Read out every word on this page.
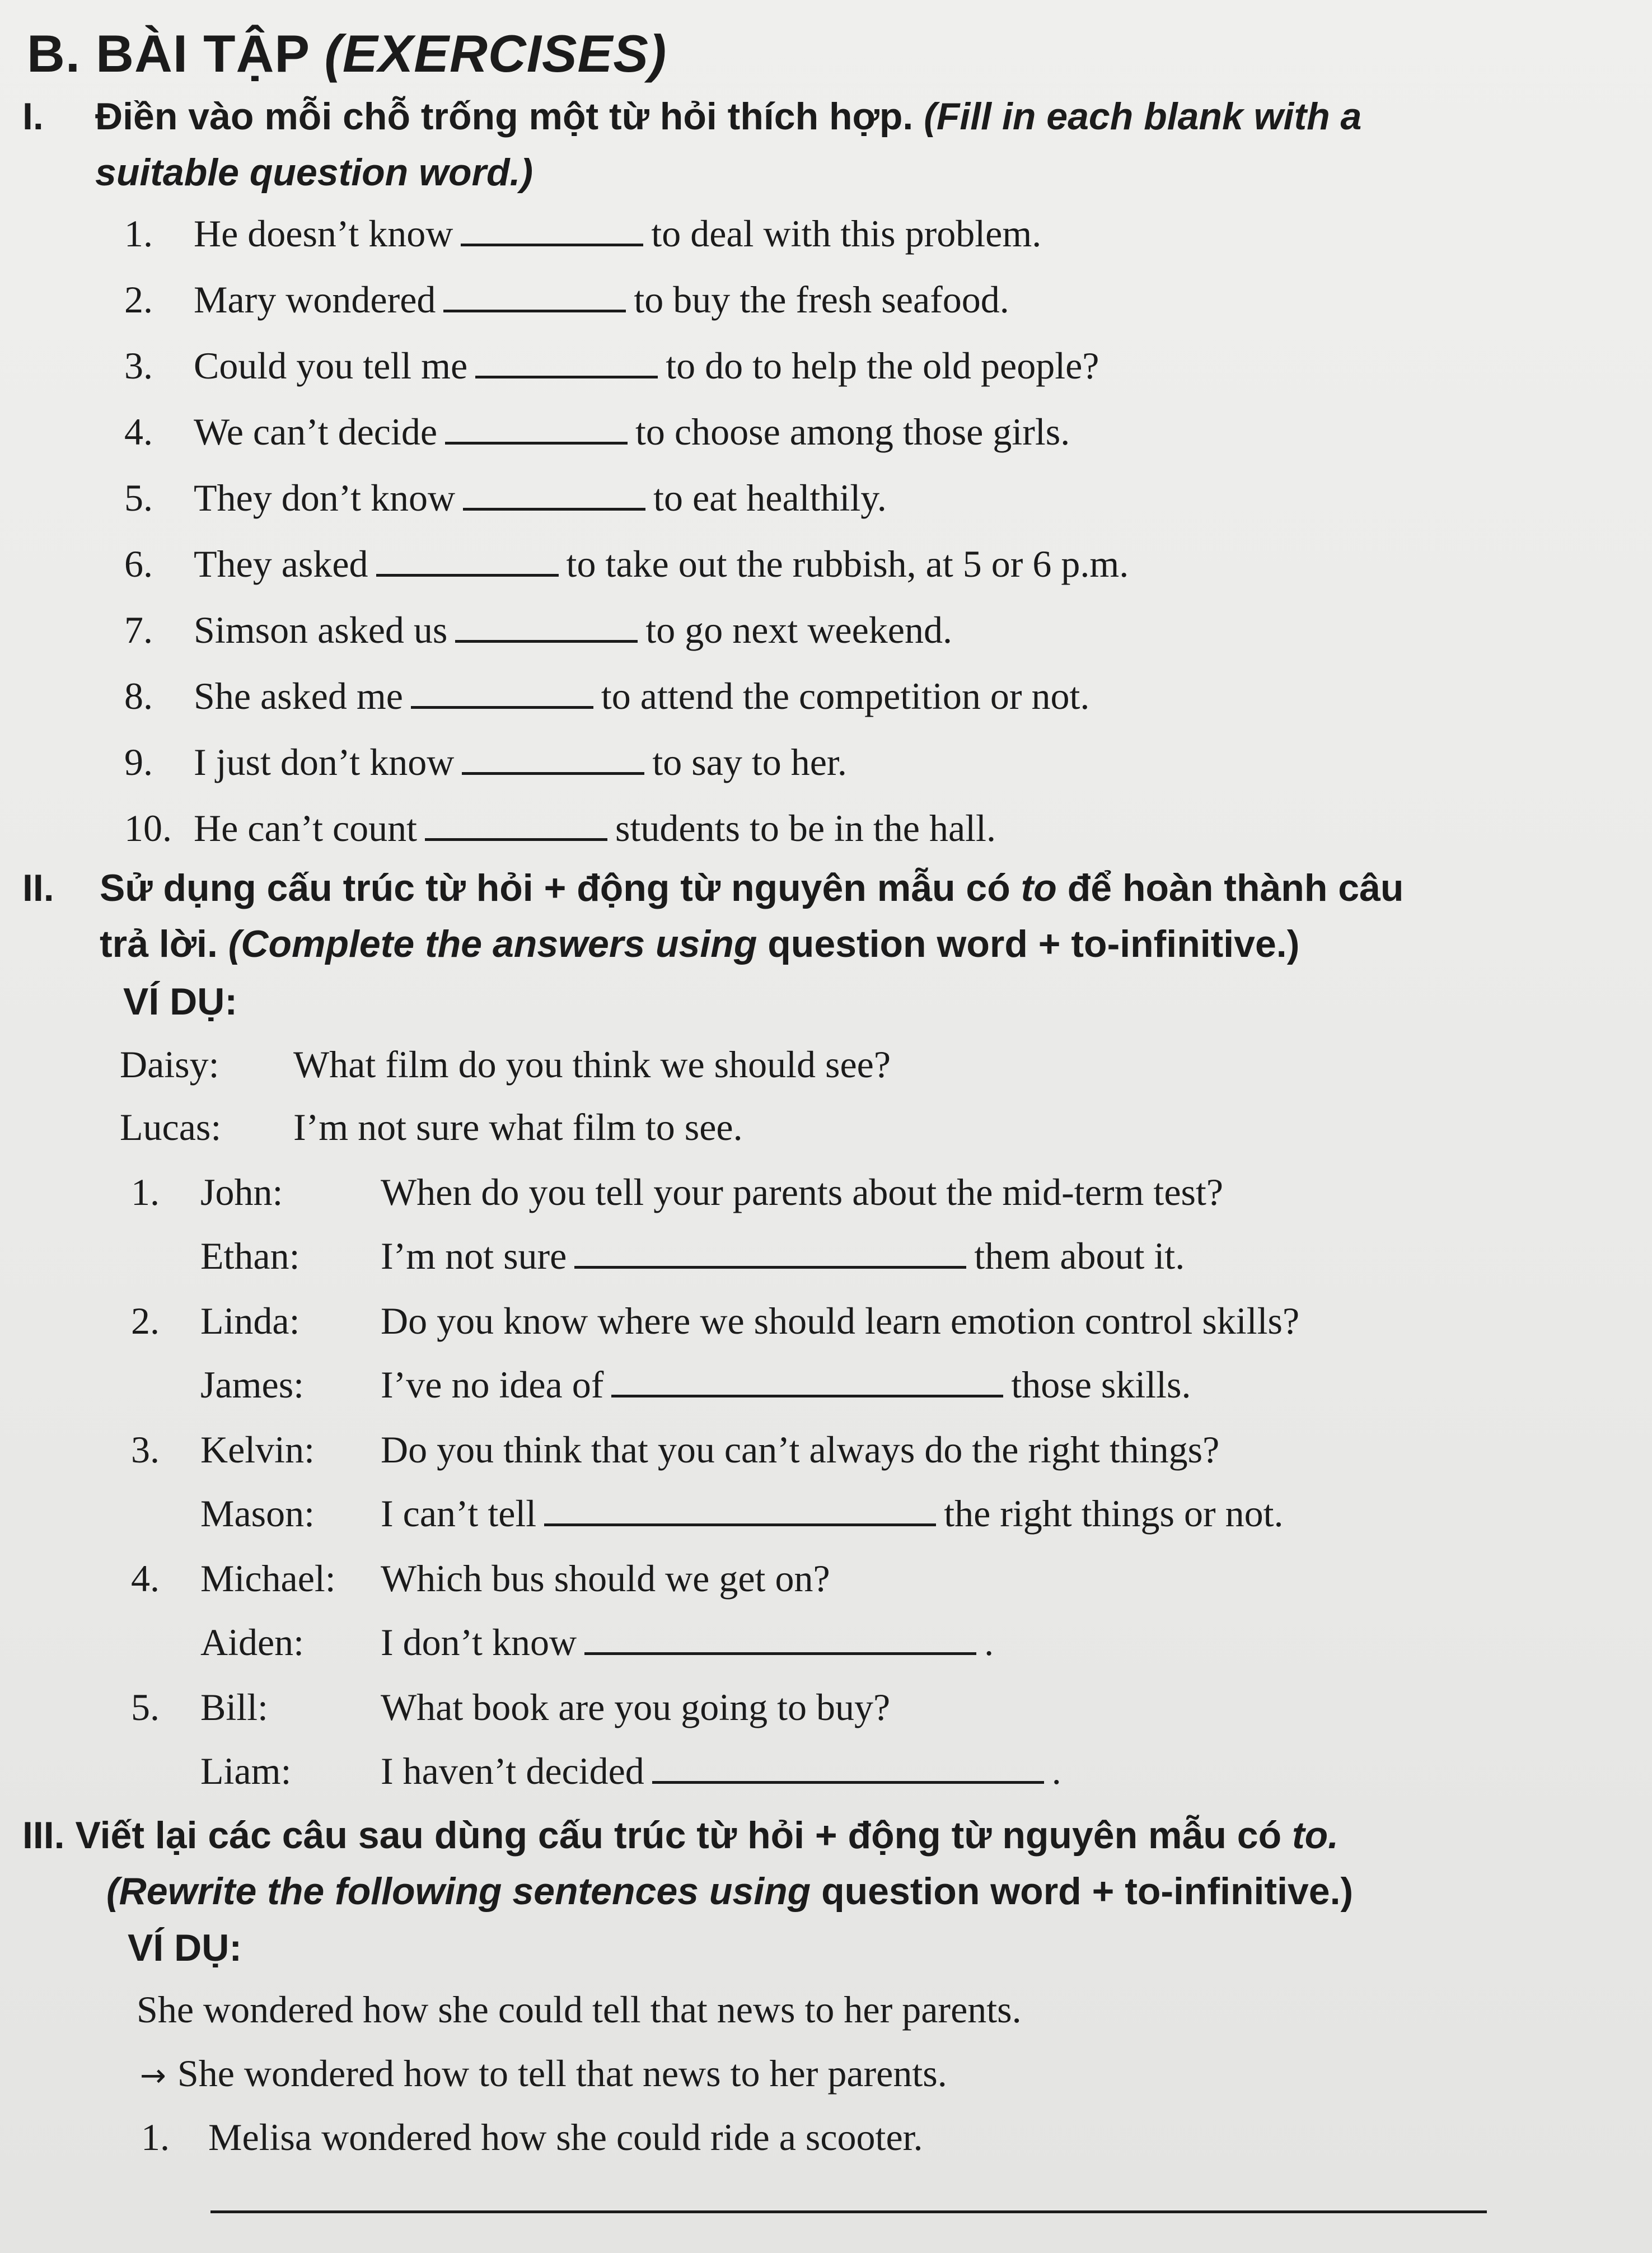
B. BÀI TẬP (EXERCISES)
I. Điền vào mỗi chỗ trống một từ hỏi thích hợp. (Fill in each blank with a
suitable question word.)
1. He doesn’t know	to deal with this problem.
2. Mary wondered	to buy the fresh seafood.
3. Could you tell me	to do to help the old people?
4. We can’t decide	to choose among those girls.
5. They don’t know	to eat healthily.
6. They asked	to take out the rubbish, at 5 or 6 p.m.
7. Simson asked us	to go next weekend.
8. She asked me	to attend the competition or not.
9. I just don’t know	to say to her.
10. He can’t count	students to be in the hall.
II. Sử dụng cấu trúc từ hỏi + động từ nguyên mẫu có to để hoàn thành câu
trả lời. (Complete the answers using question word + to-infinitive.)
VÍ DỤ:
Daisy: What film do you think we should see?
Lucas: I’m not sure what film to see.
1. John:	When do you tell your parents about the mid-term test?
Ethan: I’m not sure	them about it.
2. Linda: Do you know where we should learn emotion control skills?
James: I’ve no idea of	those skills.
3. Kelvin: Do you think that you can’t always do the right things?
Mason: I can’t tell	the right things or not.
4. Michael: Which bus should we get on?
Aiden: I don’t know	.
5. Bill:	What book are you going to buy?
Liam: I haven’t decided	.
III. Viết lại các câu sau dùng cấu trúc từ hỏi + động từ nguyên mẫu có to.
(Rewrite the following sentences using question word + to-infinitive.)
VÍ DỤ:
She wondered how she could tell that news to her parents.
→ She wondered how to tell that news to her parents.
1. Melisa wondered how she could ride a scooter.
